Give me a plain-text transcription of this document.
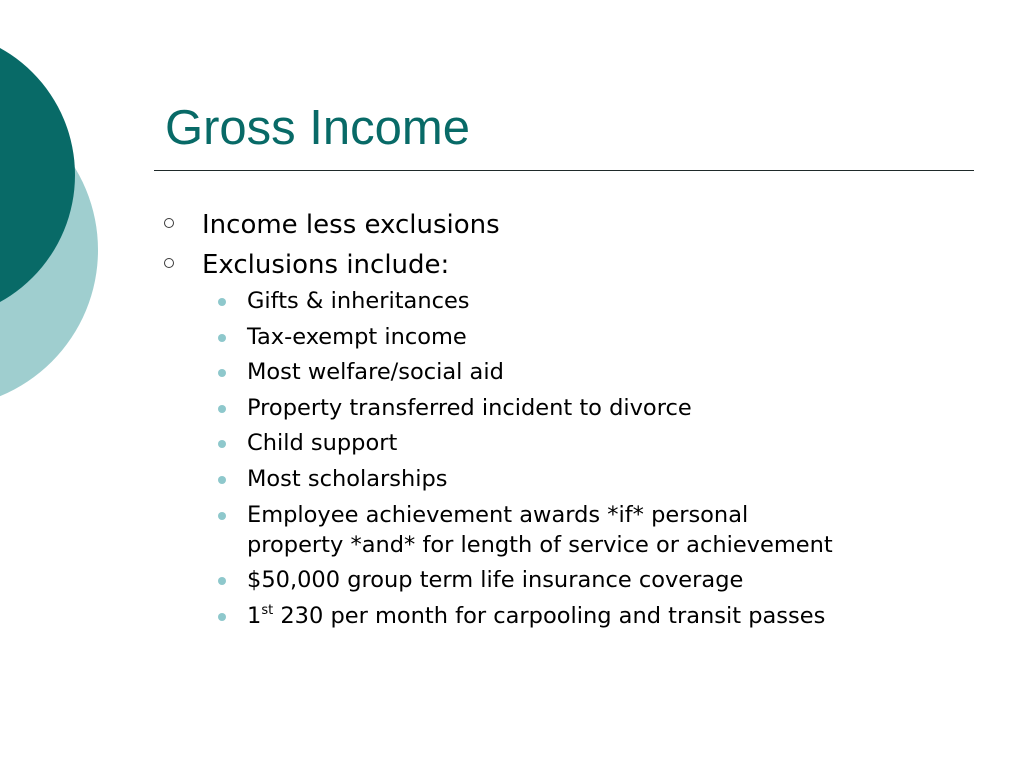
Gross Income
Income less exclusions
Exclusions include:
Gifts & inheritances
Tax-exempt income
Most welfare/social aid
Property transferred incident to divorce
Child support
Most scholarships
Employee achievement awards *if* personal
property *and* for length of service or achievement
$50,000 group term life insurance coverage
1st 230 per month for carpooling and transit passes
